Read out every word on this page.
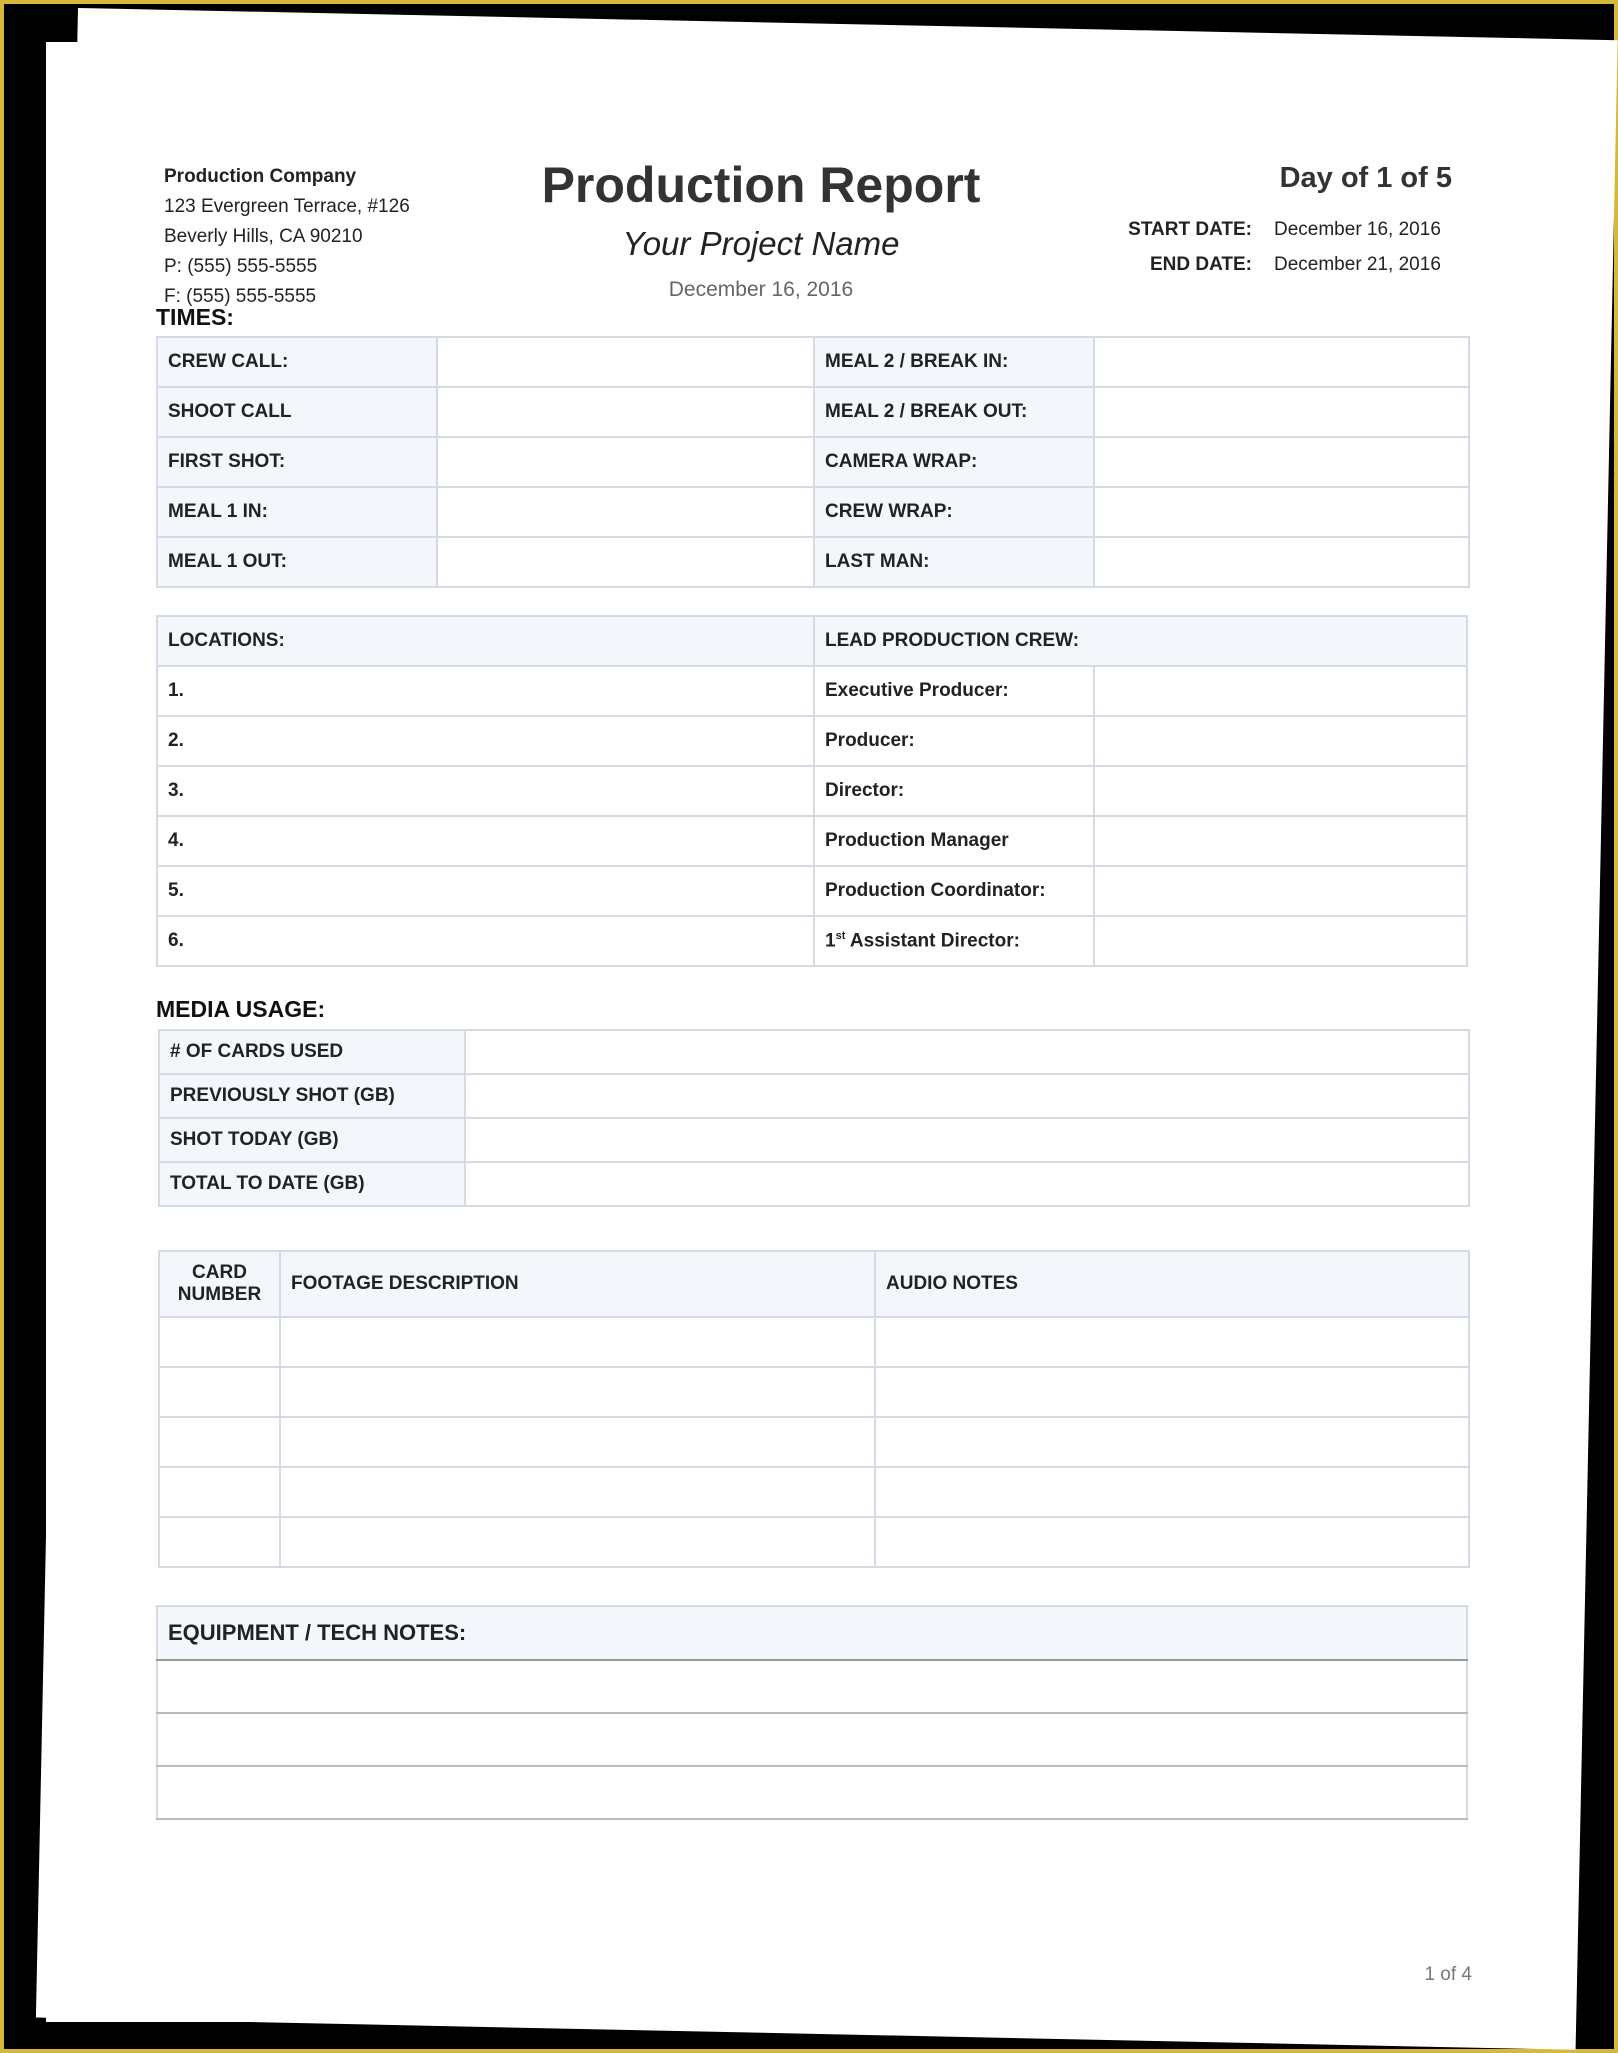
Production Company
123 Evergreen Terrace, #126
Beverly Hills, CA 90210
P: (555) 555-5555
F: (555) 555-5555
Production Report
Your Project Name
December 16, 2016
Day of 1 of 5
START DATE: December 16, 2016
END DATE: December 21, 2016
TIMES:
CREW CALL:		MEAL 2 / BREAK IN:	
SHOOT CALL		MEAL 2 / BREAK OUT:	
FIRST SHOT:		CAMERA WRAP:	
MEAL 1 IN:		CREW WRAP:	
MEAL 1 OUT:		LAST MAN:	
LOCATIONS:	LEAD PRODUCTION CREW:	
1.	Executive Producer:	
2.	Producer:	
3.	Director:	
4.	Production Manager	
5.	Production Coordinator:	
6.	1st Assistant Director:	
MEDIA USAGE:
# OF CARDS USED	
PREVIOUSLY SHOT (GB)	
SHOT TODAY (GB)	
TOTAL TO DATE (GB)	
CARD
NUMBER	FOOTAGE DESCRIPTION	AUDIO NOTES

EQUIPMENT / TECH NOTES:

1 of 4
